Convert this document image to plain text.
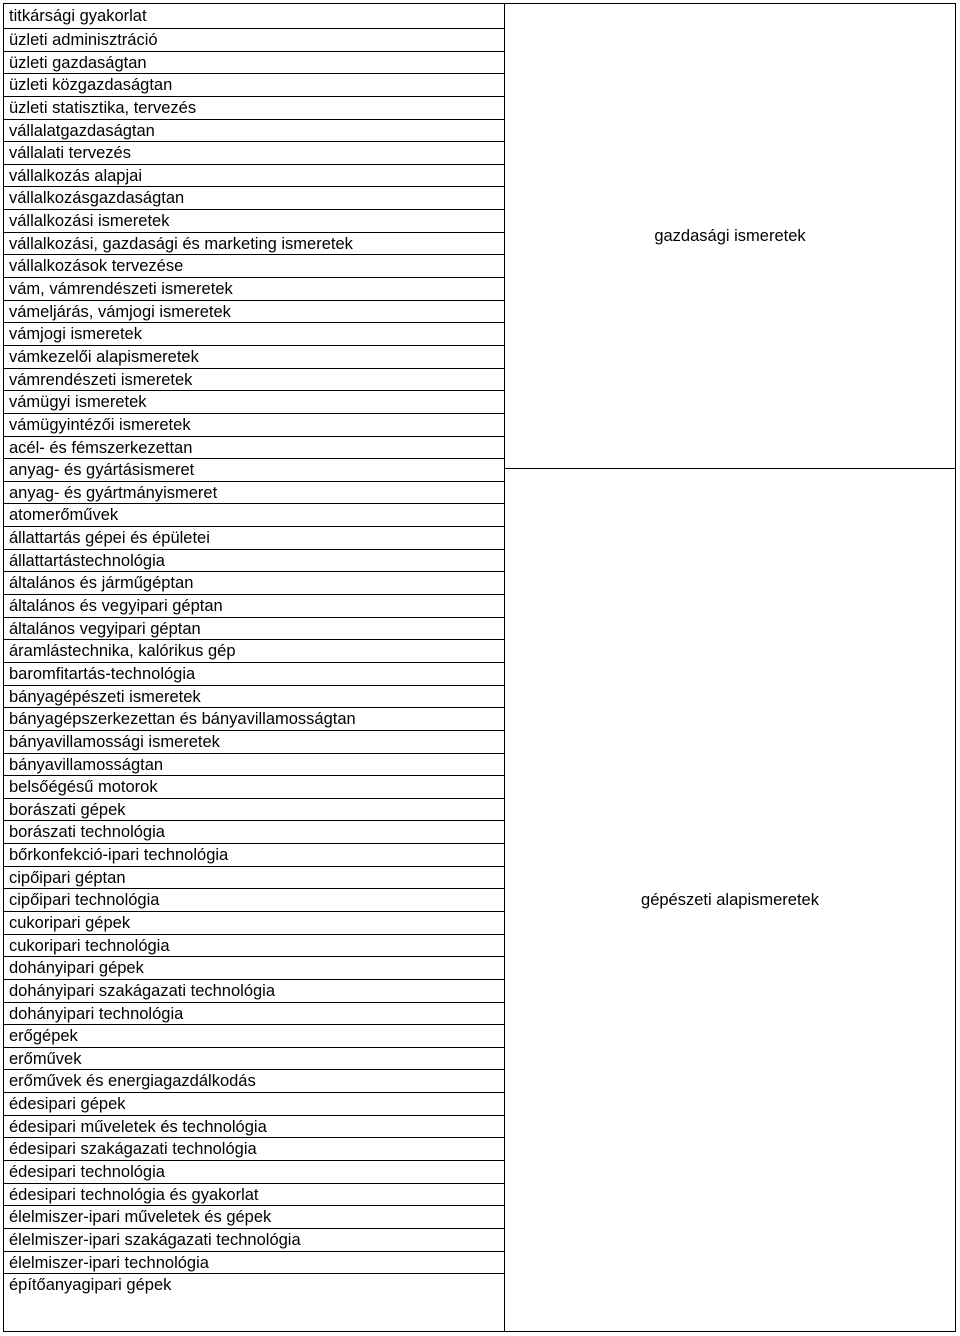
titkársági gyakorlat
üzleti adminisztráció
üzleti gazdaságtan
üzleti közgazdaságtan
üzleti statisztika, tervezés
vállalatgazdaságtan
vállalati tervezés
vállalkozás alapjai
vállalkozásgazdaságtan
vállalkozási ismeretek
vállalkozási, gazdasági és marketing ismeretek
vállalkozások tervezése
vám, vámrendészeti ismeretek
vámeljárás, vámjogi ismeretek
vámjogi ismeretek
vámkezelői alapismeretek
vámrendészeti ismeretek
vámügyi ismeretek
vámügyintézői ismeretek
acél- és fémszerkezettan
anyag- és gyártásismeret
anyag- és gyártmányismeret
atomerőművek
állattartás gépei és épületei
állattartástechnológia
általános és járműgéptan
általános és vegyipari géptan
általános vegyipari géptan
áramlástechnika, kalórikus gép
baromfitartás-technológia
bányagépészeti ismeretek
bányagépszerkezettan és bányavillamosságtan
bányavillamossági ismeretek
bányavillamosságtan
belsőégésű motorok
borászati gépek
borászati technológia
bőrkonfekció-ipari technológia
cipőipari géptan
cipőipari technológia
cukoripari gépek
cukoripari technológia
dohányipari gépek
dohányipari szakágazati technológia
dohányipari technológia
erőgépek
erőművek
erőművek és energiagazdálkodás
édesipari gépek
édesipari műveletek és technológia
édesipari szakágazati technológia
édesipari technológia
édesipari technológia és gyakorlat
élelmiszer-ipari műveletek és gépek
élelmiszer-ipari szakágazati technológia
élelmiszer-ipari technológia
építőanyagipari gépek
gazdasági ismeretek
gépészeti alapismeretek
